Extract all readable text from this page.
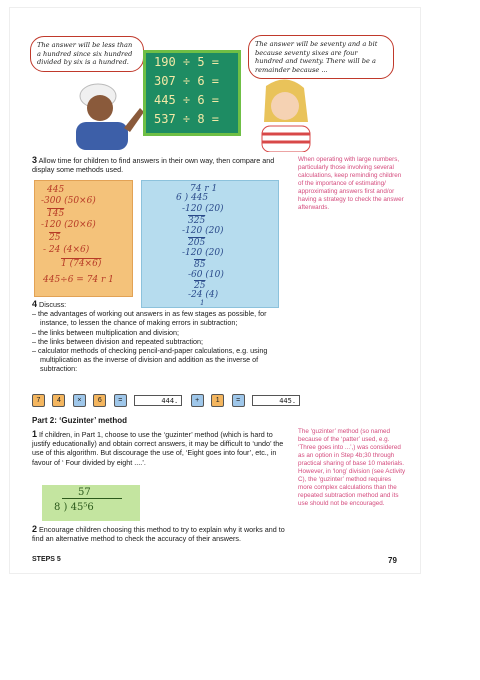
The answer will be less than a hundred since six hundred divided by six is a hundred.
The answer will be seventy and a bit because seventy sixes are four hundred and twenty. There will be a remainder because ...
190 ÷ 5 =
307 ÷ 6 =
445 ÷ 6 =
537 ÷ 8 =
3 Allow time for children to find answers in their own way, then compare and display some methods used.
When operating with large numbers, particularly those involving several calculations, keep reminding children of the importance of estimating/ approximating answers first and/or having a strategy to check the answer afterwards.
445
-300 (50×6)
145
-120 (20×6)
25
- 24 (4×6)
1 (74×6)
445÷6 = 74 r 1
74 r 1
6 ) 445
-120 (20)
325
-120 (20)
205
-120 (20)
85
-60 (10)
25
-24 (4)
1
4 Discuss:
– the advantages of working out answers in as few stages as possible, for instance, to lessen the chance of making errors in subtraction;
– the links between multiplication and division;
– the links between division and repeated subtraction;
– calculator methods of checking pencil-and-paper calculations, e.g. using multiplication as the inverse of division and addition as the inverse of subtraction:
7 4 × 6 =	444. + 1 =	445.
Part 2: ‘Guzinter’ method
1 If children, in Part 1, choose to use the ‘guzinter’ method (which is hard to justify educationally) and obtain correct answers, it may be difficult to ‘undo’ the use of this algorithm. But discourage the use of, ‘Eight goes into four’, etc., in favour of ‘ Four divided by eight ....’.
57
8 ) 45⁵6
2 Encourage children choosing this method to try to explain why it works and to find an alternative method to check the accuracy of their answers.
The ‘guzinter’ method (so named because of the ‘patter’ used, e.g. ‘Three goes into ...’,) was considered as an option in Step 4b;30 through practical sharing of base 10 materials. However, in ‘long’ division (see Activity C), the ‘guzinter’ method requires more complex calculations than the repeated subtraction method and its use should not be encouraged.
STEPS 5	79
